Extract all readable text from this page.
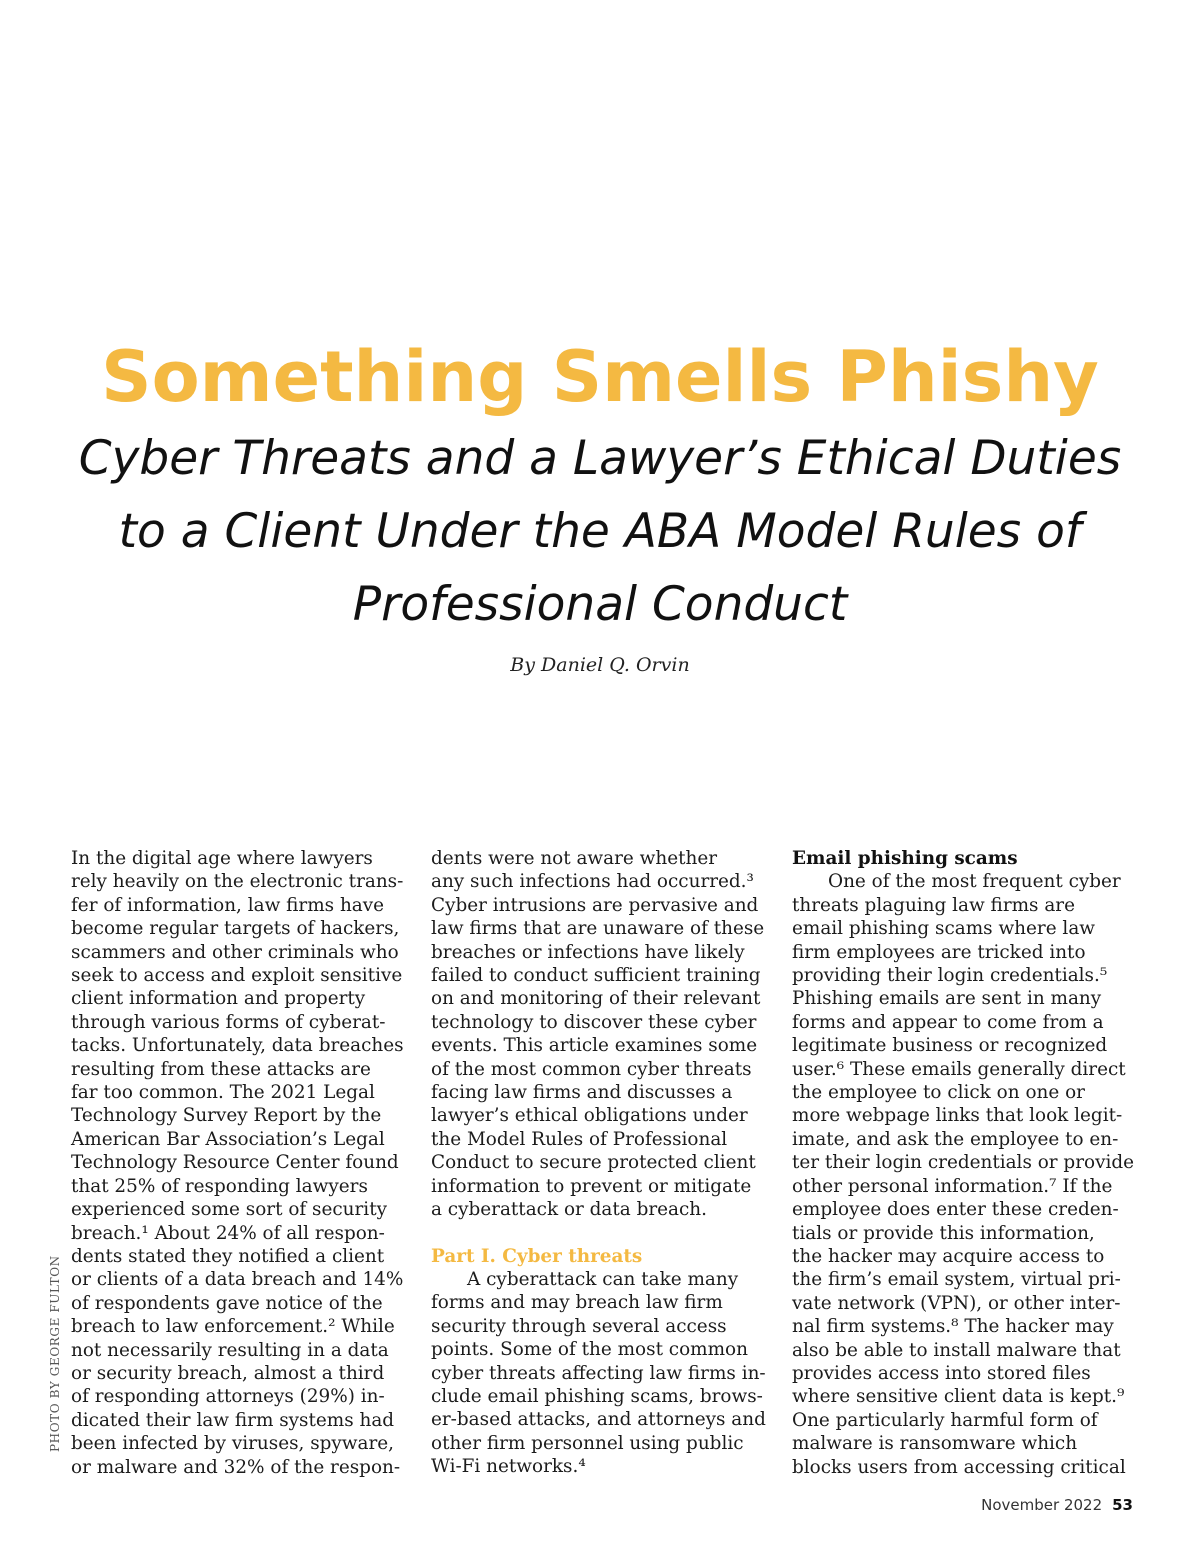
Something Smells Phishy
Cyber Threats and a Lawyer’s Ethical Duties to a Client Under the ABA Model Rules of Professional Conduct
By Daniel Q. Orvin
PHOTO BY GEORGE FULTON

In the digital age where lawyers
rely heavily on the electronic trans-
fer of information, law firms have
become regular targets of hackers,
scammers and other criminals who
seek to access and exploit sensitive
client information and property
through various forms of cyberat-
tacks. Unfortunately, data breaches
resulting from these attacks are
far too common. The 2021 Legal
Technology Survey Report by the
American Bar Association’s Legal
Technology Resource Center found
that 25% of responding lawyers
experienced some sort of security
breach.¹ About 24% of all respon-
dents stated they notified a client
or clients of a data breach and 14%
of respondents gave notice of the
breach to law enforcement.² While
not necessarily resulting in a data
or security breach, almost a third
of responding attorneys (29%) in-
dicated their law firm systems had
been infected by viruses, spyware,
or malware and 32% of the respon-

dents were not aware whether
any such infections had occurred.³
Cyber intrusions are pervasive and
law firms that are unaware of these
breaches or infections have likely
failed to conduct sufficient training
on and monitoring of their relevant
technology to discover these cyber
events. This article examines some
of the most common cyber threats
facing law firms and discusses a
lawyer’s ethical obligations under
the Model Rules of Professional
Conduct to secure protected client
information to prevent or mitigate
a cyberattack or data breach.

Part I. Cyber threats

A cyberattack can take many
forms and may breach law firm
security through several access
points. Some of the most common
cyber threats affecting law firms in-
clude email phishing scams, brows-
er-based attacks, and attorneys and
other firm personnel using public
Wi-Fi networks.⁴

Email phishing scams

One of the most frequent cyber
threats plaguing law firms are
email phishing scams where law
firm employees are tricked into
providing their login credentials.⁵
Phishing emails are sent in many
forms and appear to come from a
legitimate business or recognized
user.⁶ These emails generally direct
the employee to click on one or
more webpage links that look legit-
imate, and ask the employee to en-
ter their login credentials or provide
other personal information.⁷ If the
employee does enter these creden-
tials or provide this information,
the hacker may acquire access to
the firm’s email system, virtual pri-
vate network (VPN), or other inter-
nal firm systems.⁸ The hacker may
also be able to install malware that
provides access into stored files
where sensitive client data is kept.⁹
One particularly harmful form of
malware is ransomware which
blocks users from accessing critical

November 2022 53
